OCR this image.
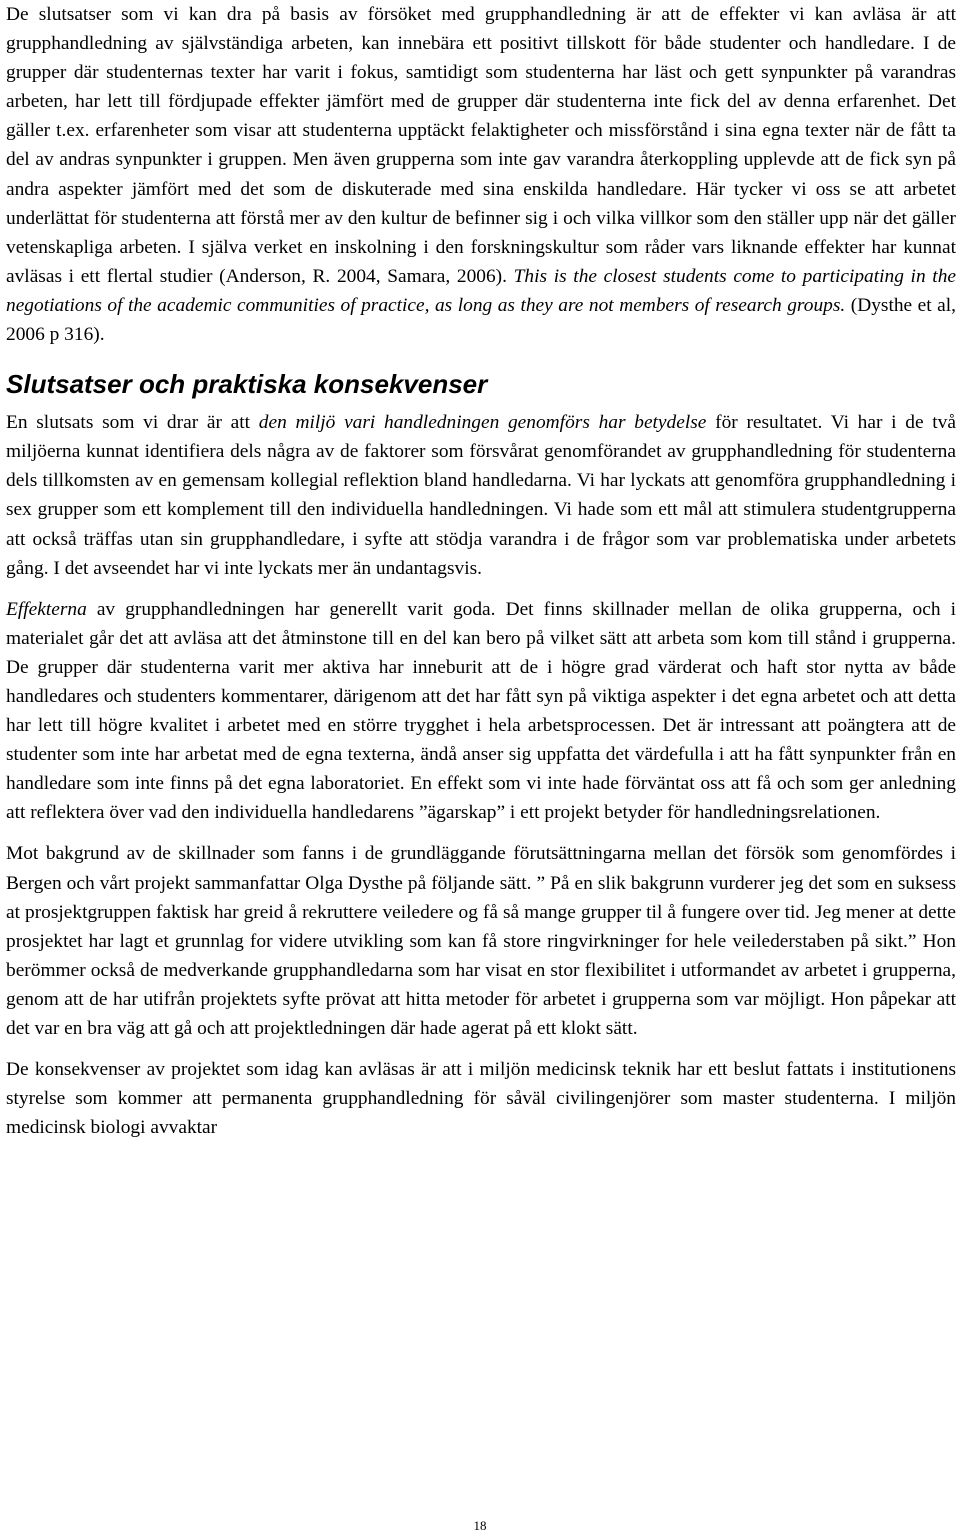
De slutsatser som vi kan dra på basis av försöket med grupphandledning är att de effekter vi kan avläsa är att grupphandledning av självständiga arbeten, kan innebära ett positivt tillskott för både studenter och handledare. I de grupper där studenternas texter har varit i fokus, samtidigt som studenterna har läst och gett synpunkter på varandras arbeten, har lett till fördjupade effekter jämfört med de grupper där studenterna inte fick del av denna erfarenhet. Det gäller t.ex. erfarenheter som visar att studenterna upptäckt felaktigheter och missförstånd i sina egna texter när de fått ta del av andras synpunkter i gruppen. Men även grupperna som inte gav varandra återkoppling upplevde att de fick syn på andra aspekter jämfört med det som de diskuterade med sina enskilda handledare. Här tycker vi oss se att arbetet underlättat för studenterna att förstå mer av den kultur de befinner sig i och vilka villkor som den ställer upp när det gäller vetenskapliga arbeten. I själva verket en inskolning i den forskningskultur som råder vars liknande effekter har kunnat avläsas i ett flertal studier (Anderson, R. 2004, Samara, 2006). This is the closest students come to participating in the negotiations of the academic communities of practice, as long as they are not members of research groups. (Dysthe et al, 2006 p 316).

Slutsatser och praktiska konsekvenser

En slutsats som vi drar är att den miljö vari handledningen genomförs har betydelse för resultatet. Vi har i de två miljöerna kunnat identifiera dels några av de faktorer som försvårat genomförandet av grupphandledning för studenterna dels tillkomsten av en gemensam kollegial reflektion bland handledarna. Vi har lyckats att genomföra grupphandledning i sex grupper som ett komplement till den individuella handledningen. Vi hade som ett mål att stimulera studentgrupperna att också träffas utan sin grupphandledare, i syfte att stödja varandra i de frågor som var problematiska under arbetets gång. I det avseendet har vi inte lyckats mer än undantagsvis.

Effekterna av grupphandledningen har generellt varit goda. Det finns skillnader mellan de olika grupperna, och i materialet går det att avläsa att det åtminstone till en del kan bero på vilket sätt att arbeta som kom till stånd i grupperna. De grupper där studenterna varit mer aktiva har inneburit att de i högre grad värderat och haft stor nytta av både handledares och studenters kommentarer, därigenom att det har fått syn på viktiga aspekter i det egna arbetet och att detta har lett till högre kvalitet i arbetet med en större trygghet i hela arbetsprocessen. Det är intressant att poängtera att de studenter som inte har arbetat med de egna texterna, ändå anser sig uppfatta det värdefulla i att ha fått synpunkter från en handledare som inte finns på det egna laboratoriet. En effekt som vi inte hade förväntat oss att få och som ger anledning att reflektera över vad den individuella handledarens ”ägarskap” i ett projekt betyder för handledningsrelationen.

Mot bakgrund av de skillnader som fanns i de grundläggande förutsättningarna mellan det försök som genomfördes i Bergen och vårt projekt sammanfattar Olga Dysthe på följande sätt. ” På en slik bakgrunn vurderer jeg det som en suksess at prosjektgruppen faktisk har greid å rekruttere veiledere og få så mange grupper til å fungere over tid. Jeg mener at dette prosjektet har lagt et grunnlag for videre utvikling som kan få store ringvirkninger for hele veilederstaben på sikt.” Hon berömmer också de medverkande grupphandledarna som har visat en stor flexibilitet i utformandet av arbetet i grupperna, genom att de har utifrån projektets syfte prövat att hitta metoder för arbetet i grupperna som var möjligt. Hon påpekar att det var en bra väg att gå och att projektledningen där hade agerat på ett klokt sätt.

De konsekvenser av projektet som idag kan avläsas är att i miljön medicinsk teknik har ett beslut fattats i institutionens styrelse som kommer att permanenta grupphandledning för såväl civilingenjörer som master studenterna. I miljön medicinsk biologi avvaktar

18
